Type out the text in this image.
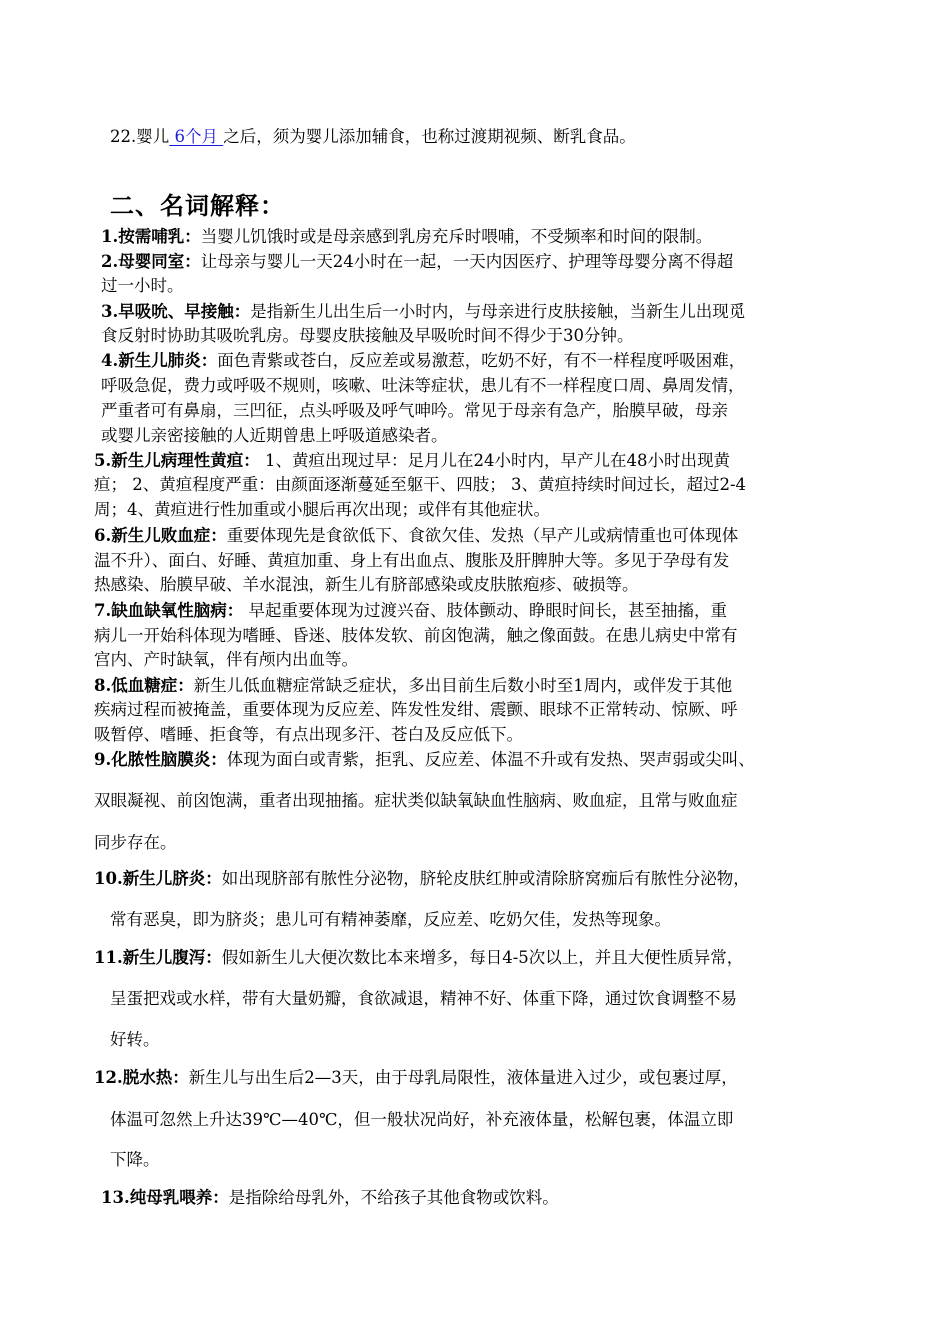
22.婴儿 6个月 之后，须为婴儿添加辅食，也称过渡期视频、断乳食品。
二、名词解释：
1.按需哺乳：当婴儿饥饿时或是母亲感到乳房充斥时喂哺，不受频率和时间的限制。
2.母婴同室：让母亲与婴儿一天24小时在一起，一天内因医疗、护理等母婴分离不得超
过一小时。
3.早吸吮、早接触：是指新生儿出生后一小时内，与母亲进行皮肤接触，当新生儿出现觅
食反射时协助其吸吮乳房。母婴皮肤接触及早吸吮时间不得少于30分钟。
4.新生儿肺炎：面色青紫或苍白，反应差或易激惹，吃奶不好，有不一样程度呼吸困难，
呼吸急促，费力或呼吸不规则，咳嗽、吐沫等症状，患儿有不一样程度口周、鼻周发情，
严重者可有鼻扇，三凹征，点头呼吸及呼气呻吟。常见于母亲有急产，胎膜早破，母亲
或婴儿亲密接触的人近期曾患上呼吸道感染者。
5.新生儿病理性黄疸： 1、黄疸出现过早：足月儿在24小时内，早产儿在48小时出现黄
疸； 2、黄疸程度严重：由颜面逐渐蔓延至躯干、四肢； 3、黄疸持续时间过长，超过2-4
周；4、黄疸进行性加重或小腿后再次出现；或伴有其他症状。
6.新生儿败血症：重要体现先是食欲低下、食欲欠佳、发热（早产儿或病情重也可体现体
温不升）、面白、好睡、黄疸加重、身上有出血点、腹胀及肝脾肿大等。多见于孕母有发
热感染、胎膜早破、羊水混浊，新生儿有脐部感染或皮肤脓疱疹、破损等。
7.缺血缺氧性脑病： 早起重要体现为过渡兴奋、肢体颤动、睁眼时间长，甚至抽搐，重
病儿一开始科体现为嗜睡、昏迷、肢体发软、前囟饱满，触之像面鼓。在患儿病史中常有
宫内、产时缺氧，伴有颅内出血等。
8.低血糖症：新生儿低血糖症常缺乏症状，多出目前生后数小时至1周内，或伴发于其他
疾病过程而被掩盖，重要体现为反应差、阵发性发绀、震颤、眼球不正常转动、惊厥、呼
吸暂停、嗜睡、拒食等，有点出现多汗、苍白及反应低下。
9.化脓性脑膜炎：体现为面白或青紫，拒乳、反应差、体温不升或有发热、哭声弱或尖叫、
双眼凝视、前囟饱满，重者出现抽搐。症状类似缺氧缺血性脑病、败血症，且常与败血症
同步存在。
10.新生儿脐炎：如出现脐部有脓性分泌物，脐轮皮肤红肿或清除脐窝痂后有脓性分泌物，
常有恶臭，即为脐炎；患儿可有精神萎靡，反应差、吃奶欠佳，发热等现象。
11.新生儿腹泻：假如新生儿大便次数比本来增多，每日4-5次以上，并且大便性质异常，
呈蛋把戏或水样，带有大量奶瓣，食欲减退，精神不好、体重下降，通过饮食调整不易
好转。
12.脱水热：新生儿与出生后2—3天，由于母乳局限性，液体量进入过少，或包裹过厚，
体温可忽然上升达39℃—40℃，但一般状况尚好，补充液体量，松解包裹，体温立即
下降。
13.纯母乳喂养：是指除给母乳外，不给孩子其他食物或饮料。
